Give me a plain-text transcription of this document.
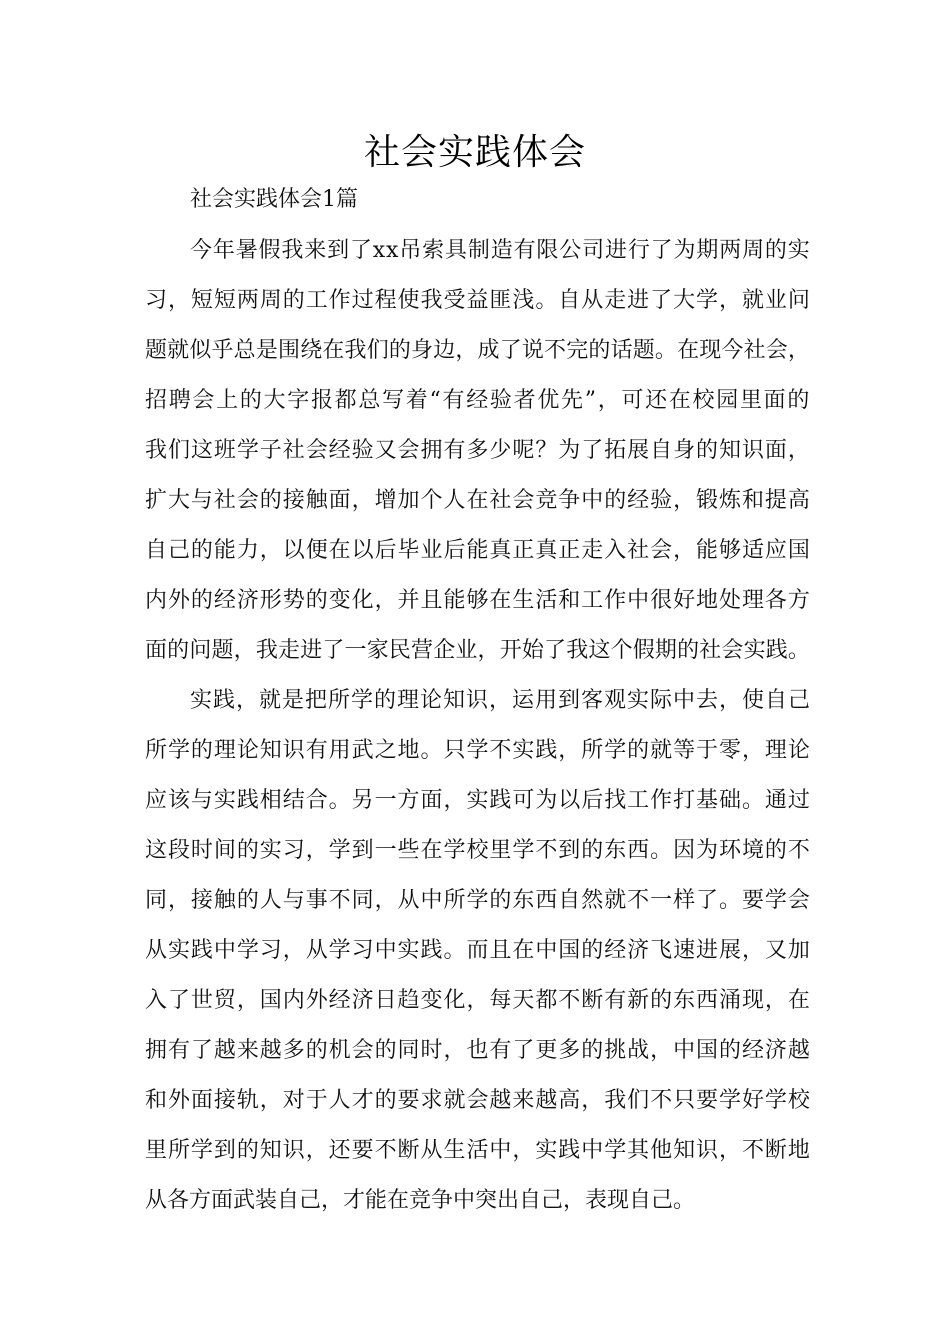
社会实践体会
社会实践体会1篇
今年暑假我来到了xx吊索具制造有限公司进行了为期两周的实
习，短短两周的工作过程使我受益匪浅。自从走进了大学，就业问
题就似乎总是围绕在我们的身边，成了说不完的话题。在现今社会，
招聘会上的大字报都总写着“有经验者优先”，可还在校园里面的
我们这班学子社会经验又会拥有多少呢？为了拓展自身的知识面，
扩大与社会的接触面，增加个人在社会竞争中的经验，锻炼和提高
自己的能力，以便在以后毕业后能真正真正走入社会，能够适应国
内外的经济形势的变化，并且能够在生活和工作中很好地处理各方
面的问题，我走进了一家民营企业，开始了我这个假期的社会实践。
实践，就是把所学的理论知识，运用到客观实际中去，使自己
所学的理论知识有用武之地。只学不实践，所学的就等于零，理论
应该与实践相结合。另一方面，实践可为以后找工作打基础。通过
这段时间的实习，学到一些在学校里学不到的东西。因为环境的不
同，接触的人与事不同，从中所学的东西自然就不一样了。要学会
从实践中学习，从学习中实践。而且在中国的经济飞速进展，又加
入了世贸，国内外经济日趋变化，每天都不断有新的东西涌现，在
拥有了越来越多的机会的同时，也有了更多的挑战，中国的经济越
和外面接轨，对于人才的要求就会越来越高，我们不只要学好学校
里所学到的知识，还要不断从生活中，实践中学其他知识，不断地
从各方面武装自己，才能在竞争中突出自己，表现自己。
